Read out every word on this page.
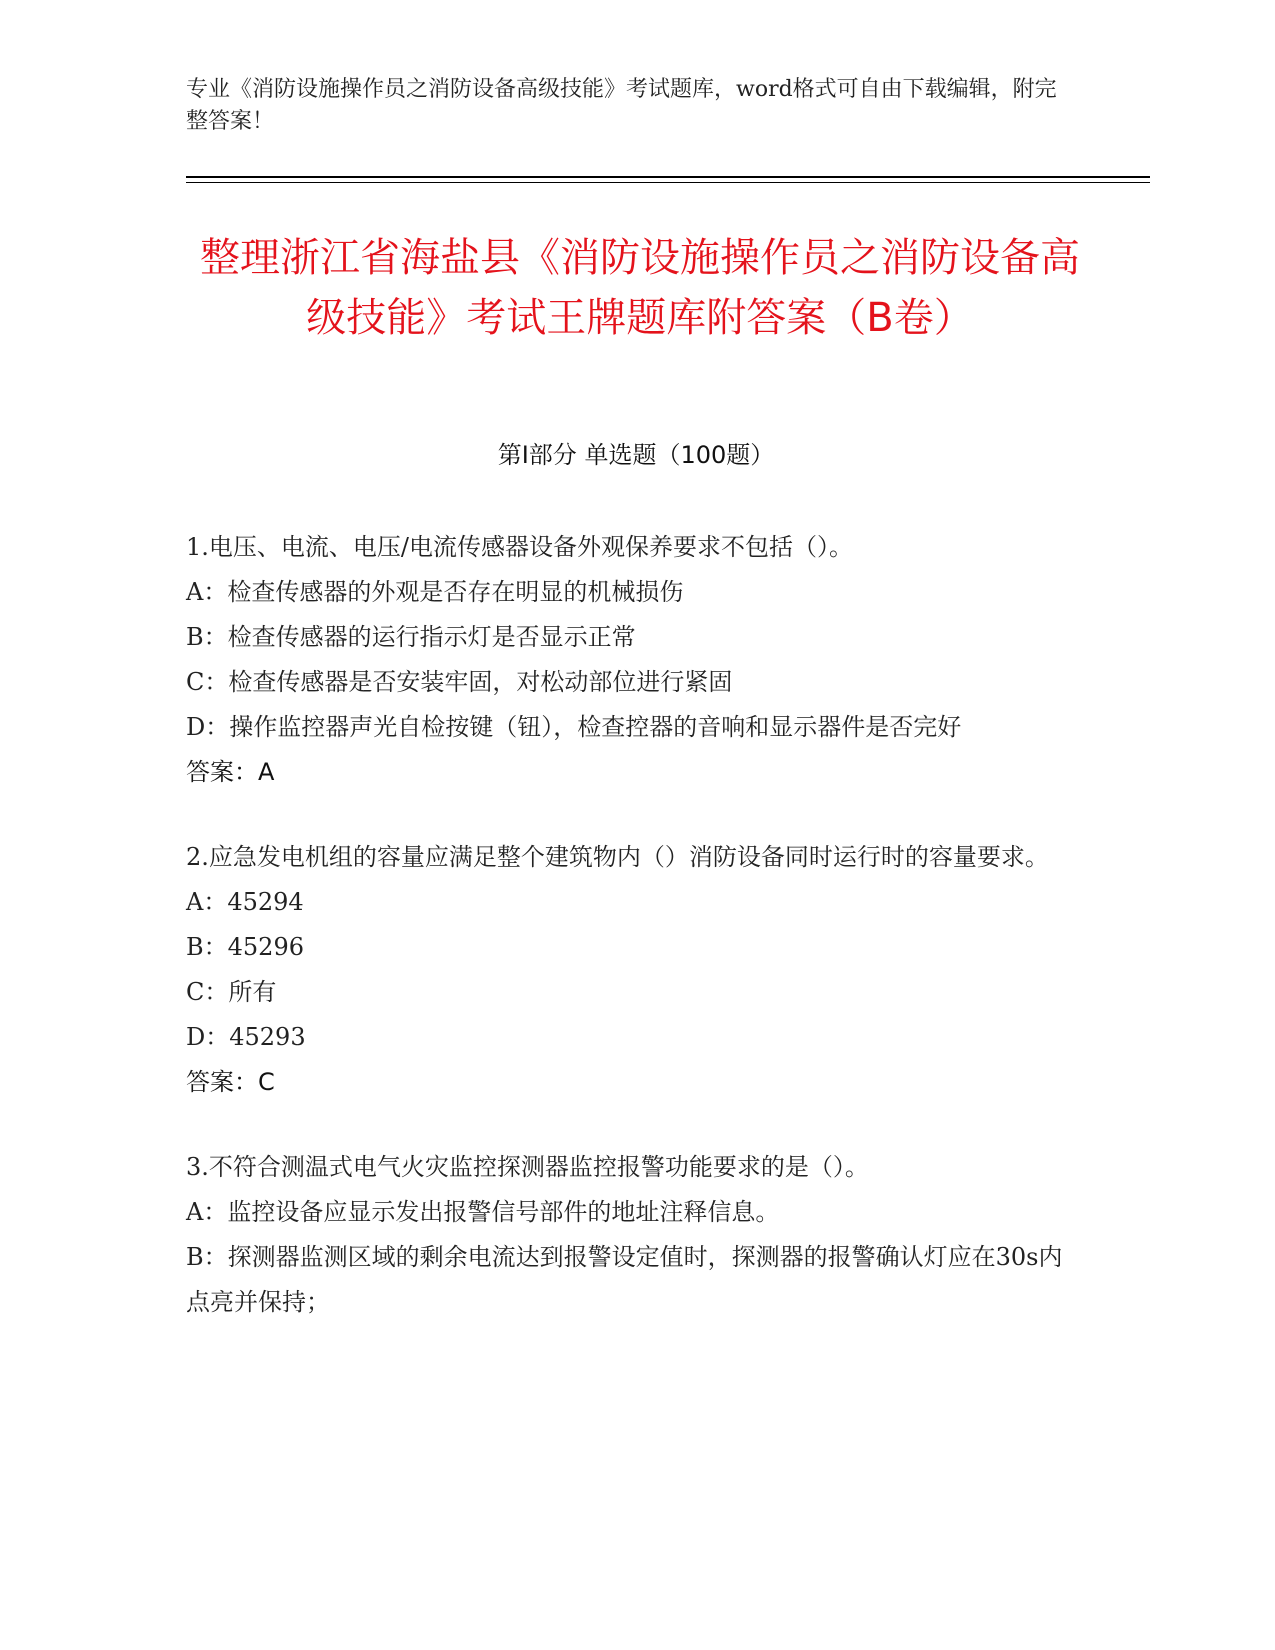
专业《消防设施操作员之消防设备高级技能》考试题库，word格式可自由下载编辑，附完整答案！
整理浙江省海盐县《消防设施操作员之消防设备高级技能》考试王牌题库附答案（B卷）
第I部分 单选题（100题）
1.电压、电流、电压/电流传感器设备外观保养要求不包括（）。
A：检查传感器的外观是否存在明显的机械损伤
B：检查传感器的运行指示灯是否显示正常
C：检查传感器是否安装牢固，对松动部位进行紧固
D：操作监控器声光自检按键（钮），检查控器的音响和显示器件是否完好
答案：A
2.应急发电机组的容量应满足整个建筑物内（）消防设备同时运行时的容量要求。
A：45294
B：45296
C：所有
D：45293
答案：C
3.不符合测温式电气火灾监控探测器监控报警功能要求的是（）。
A：监控设备应显示发出报警信号部件的地址注释信息。
B：探测器监测区域的剩余电流达到报警设定值时，探测器的报警确认灯应在30s内点亮并保持；
